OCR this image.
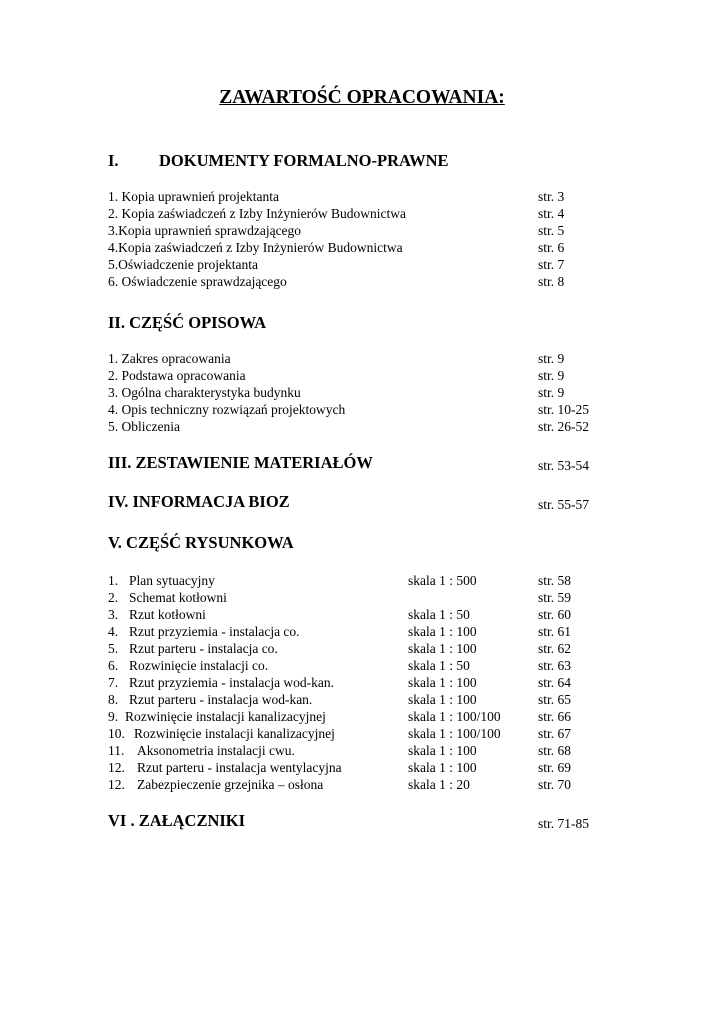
ZAWARTOŚĆ OPRACOWANIA:
I. DOKUMENTY FORMALNO-PRAWNE
1. Kopia uprawnień projektanta	str. 3
2. Kopia zaświadczeń z Izby Inżynierów Budownictwa	str. 4
3.Kopia uprawnień sprawdzającego	str. 5
4.Kopia zaświadczeń z Izby Inżynierów Budownictwa	str. 6
5.Oświadczenie projektanta	str. 7
6. Oświadczenie sprawdzającego	str. 8
II. CZĘŚĆ OPISOWA
1. Zakres opracowania	str. 9
2. Podstawa opracowania	str. 9
3. Ogólna charakterystyka budynku	str. 9
4. Opis techniczny rozwiązań projektowych	str. 10-25
5. Obliczenia	str. 26-52
III. ZESTAWIENIE MATERIAŁÓW	str. 53-54
IV. INFORMACJA BIOZ	str. 55-57
V. CZĘŚĆ RYSUNKOWA
1. Plan sytuacyjny	skala 1 : 500	str. 58
2. Schemat kotłowni	str. 59
3. Rzut kotłowni	skala 1 : 50	str. 60
4. Rzut przyziemia - instalacja co.	skala 1 : 100	str. 61
5. Rzut parteru - instalacja co.	skala 1 : 100	str. 62
6. Rozwinięcie instalacji co.	skala 1 : 50	str. 63
7. Rzut przyziemia - instalacja wod-kan.	skala 1 : 100	str. 64
8. Rzut parteru - instalacja wod-kan.	skala 1 : 100	str. 65
9. Rozwinięcie instalacji kanalizacyjnej	skala 1 : 100/100	str. 66
10. Rozwinięcie instalacji kanalizacyjnej	skala 1 : 100/100	str. 67
11. Aksonometria instalacji cwu.	skala 1 : 100	str. 68
12. Rzut parteru - instalacja wentylacyjna	skala 1 : 100	str. 69
12. Zabezpieczenie grzejnika – osłona	skala 1 : 20	str. 70
VI . ZAŁĄCZNIKI	str. 71-85
